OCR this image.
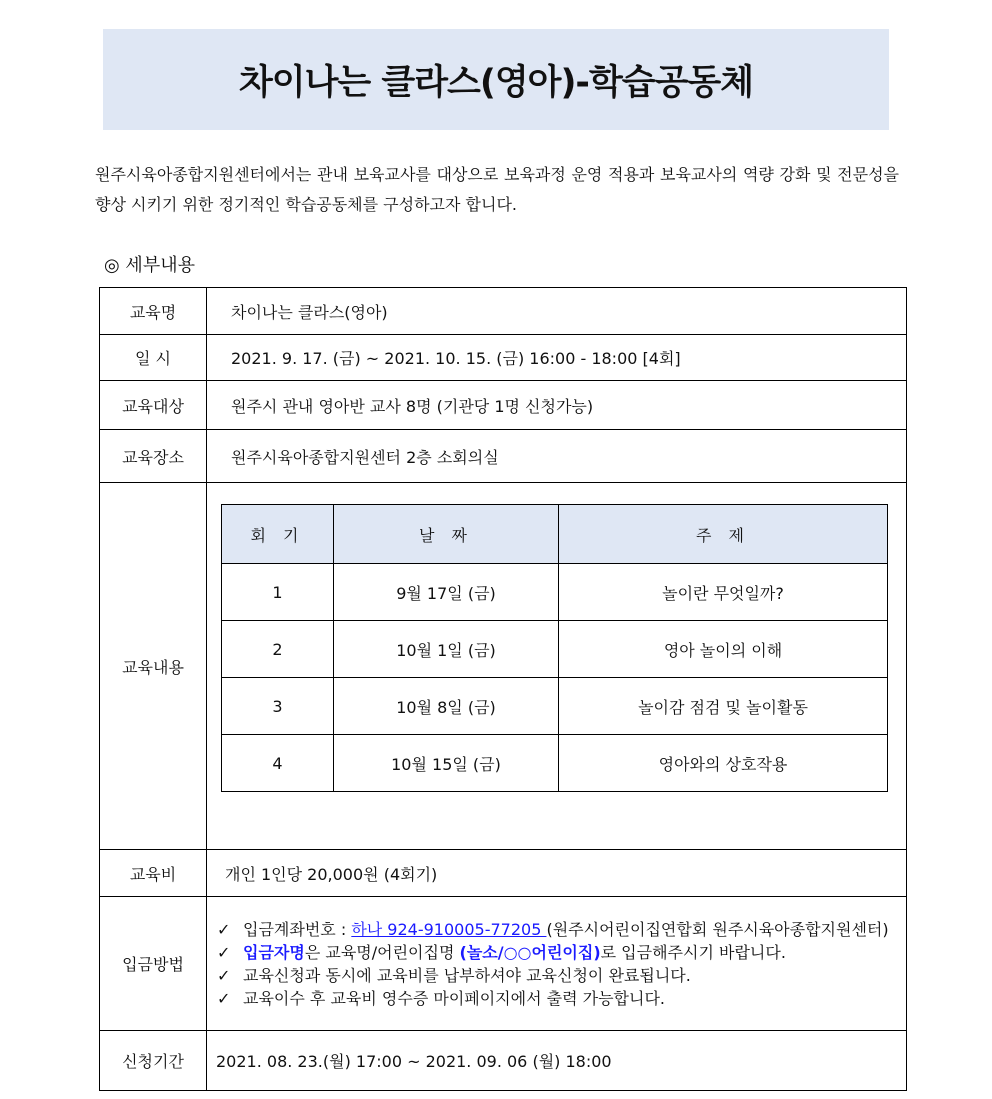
차이나는 클라스(영아)-학습공동체
원주시육아종합지원센터에서는 관내 보육교사를 대상으로 보육과정 운영 적용과 보육교사의 역량 강화 및 전문성을 향상 시키기 위한 정기적인 학습공동체를 구성하고자 합니다.
◎ 세부내용
교육명	차이나는 클라스(영아)
일 시	2021. 9. 17. (금) ~ 2021. 10. 15. (금) 16:00 - 18:00 [4회]
교육대상	원주시 관내 영아반 교사 8명 (기관당 1명 신청가능)
교육장소	원주시육아종합지원센터 2층 소회의실
교육내용	
회 기	날 짜	주 제
1	9월 17일 (금)	놀이란 무엇일까?
2	10월 1일 (금)	영아 놀이의 이해
3	10월 8일 (금)	놀이감 점검 및 놀이활동
4	10월 15일 (금)	영아와의 상호작용

교육비	개인 1인당 20,000원 (4회기)
입금방법	
✓ 입금계좌번호 : 하나 924-910005-77205 (원주시어린이집연합회 원주시육아종합지원센터)
✓ 입금자명은 교육명/어린이집명 (놀소/○○어린이집)로 입금해주시기 바랍니다.
✓ 교육신청과 동시에 교육비를 납부하셔야 교육신청이 완료됩니다.
✓ 교육이수 후 교육비 영수증 마이페이지에서 출력 가능합니다.

신청기간	2021. 08. 23.(월) 17:00 ~ 2021. 09. 06 (월) 18:00
